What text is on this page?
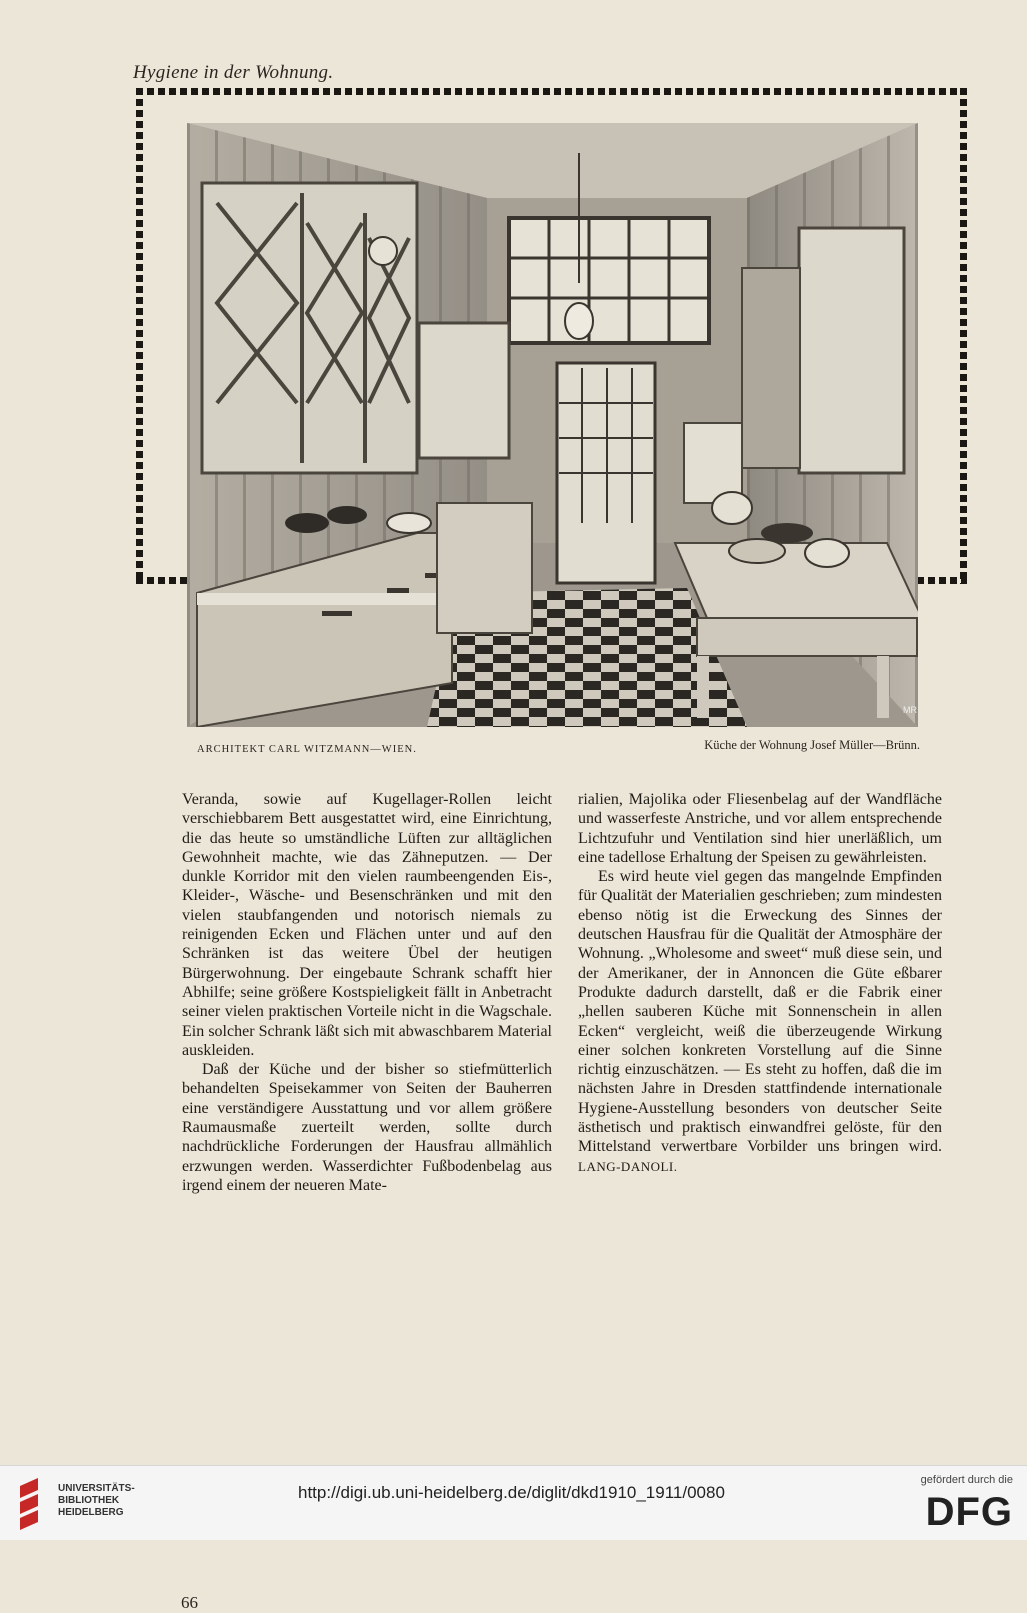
Hygiene in der Wohnung.
MR
ARCHITEKT CARL WITZMANN—WIEN.	Küche der Wohnung Josef Müller—Brünn.

Veranda, sowie auf Kugellager-Rollen leicht verschiebbarem Bett ausgestattet wird, eine Einrichtung, die das heute so umständliche Lüften zur alltäglichen Gewohnheit machte, wie das Zähneputzen. — Der dunkle Korridor mit den vielen raumbeengenden Eis-, Kleider-, Wäsche- und Besenschränken und mit den vielen staubfangenden und notorisch niemals zu reinigenden Ecken und Flächen unter und auf den Schränken ist das weitere Übel der heutigen Bürgerwohnung. Der eingebaute Schrank schafft hier Abhilfe; seine größere Kostspieligkeit fällt in Anbetracht seiner vielen praktischen Vorteile nicht in die Wagschale. Ein solcher Schrank läßt sich mit abwaschbarem Material auskleiden.

Daß der Küche und der bisher so stiefmütterlich behandelten Speisekammer von Seiten der Bauherren eine verständigere Ausstattung und vor allem größere Raumausmaße zuerteilt werden, sollte durch nachdrückliche Forderungen der Hausfrau allmählich erzwungen werden. Wasserdichter Fußbodenbelag aus irgend einem der neueren Mate-

rialien, Majolika oder Fliesenbelag auf der Wandfläche und wasserfeste Anstriche, und vor allem entsprechende Lichtzufuhr und Ventilation sind hier unerläßlich, um eine tadellose Erhaltung der Speisen zu gewährleisten.

Es wird heute viel gegen das mangelnde Empfinden für Qualität der Materialien geschrieben; zum mindesten ebenso nötig ist die Erweckung des Sinnes der deutschen Hausfrau für die Qualität der Atmosphäre der Wohnung. „Wholesome and sweet“ muß diese sein, und der Amerikaner, der in Annoncen die Güte eßbarer Produkte dadurch darstellt, daß er die Fabrik einer „hellen sauberen Küche mit Sonnenschein in allen Ecken“ vergleicht, weiß die überzeugende Wirkung einer solchen konkreten Vorstellung auf die Sinne richtig einzuschätzen. — Es steht zu hoffen, daß die im nächsten Jahre in Dresden stattfindende internationale Hygiene-Ausstellung besonders von deutscher Seite ästhetisch und praktisch einwandfrei gelöste, für den Mittelstand verwertbare Vorbilder uns bringen wird. LANG-DANOLI.

66
UNIVERSITÄTS-
BIBLIOTHEK
HEIDELBERG
http://digi.ub.uni-heidelberg.de/diglit/dkd1910_1911/0080
gefördert durch die
DFG
